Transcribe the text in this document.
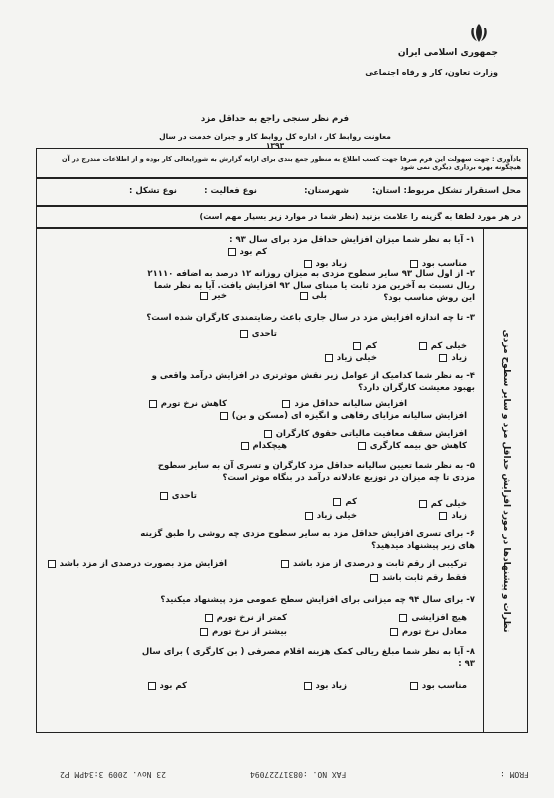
جمهوری اسلامی ایران
وزارت تعاون، کار و رفاه اجتماعی
فرم نظر سنجی راجع به حداقل مزد
معاونت روابط کار ، اداره کل روابط کار و جبران خدمت در سال ۱۳۹۳
یادآوری : جهت سهولت این فرم صرفا جهت کسب اطلاع به منظور جمع بندی برای ارایه گزارش به شورایعالی کار بوده و از اطلاعات مندرج در آن هیچگونه بهره برداری دیگری نمی شود
محل استقرار تشکل مربوط: استان:
شهرستان:
نوع فعالیت :
نوع تشکل :
در هر مورد لطفا به گزینه را علامت بزنید (نظر شما در موارد زیر بسیار مهم است)
نظرات و پیشنهادها در مورد افزایش حداقل مزد و سایر سطوح مزدی
۱- آیا به نظر شما میزان افزایش حداقل مزد برای سال ۹۳ :
کم بود
مناسب بود
زیاد بود
۲- از اول سال ۹۳ سایر سطوح مزدی به میزان روزانه ۱۲ درصد به اضافه ۲۱۱۱۰
ریال نسبت به آخرین مزد ثابت یا مبنای سال ۹۲ افزایش یافت. آیا به نظر شما
این روش مناسب بود؟
بلی
خیر
۳- تا چه اندازه افزایش مزد در سال جاری باعث رضایتمندی کارگران شده است؟
تاحدی
خیلی کم
کم
زیاد
خیلی زیاد
۴- به نظر شما کدامیک از عوامل زیر نقش موثرتری در افزایش درآمد واقعی و
بهبود معیشت کارگران دارد؟
افزایش سالیانه حداقل مزد
کاهش نرخ تورم
افزایش سالیانه مزایای رفاهی و انگیزه ای (مسکن و بن)
افزایش سقف معافیت مالیاتی حقوق کارگران
هیچکدام	کاهش حق بیمه کارگری
۵- به نظر شما تعیین سالیانه حداقل مزد کارگران و تسری آن به سایر سطوح
مزدی تا چه میزان در توزیع عادلانه درآمد در بنگاه موثر است؟
تاحدی
خیلی کم
کم
زیاد
خیلی زیاد
۶- برای تسری افزایش حداقل مزد به سایر سطوح مزدی چه روشی را طبق گزینه
های زیر پیشنهاد میدهید؟
افزایش مزد بصورت درصدی از مزد باشد	ترکیبی از رقم ثابت و درصدی از مزد باشد
فقط رقم ثابت باشد
۷- برای سال ۹۴ چه میزانی برای افزایش سطح عمومی مزد پیشنهاد میکنید؟
هیچ افزایشی
کمتر از نرخ تورم
معادل نرخ تورم
بیشتر از نرخ تورم
۸- آیا به نظر شما مبلغ ریالی کمک هزینه اقلام مصرفی ( بن کارگری ) برای سال
۹۳ :
مناسب بود
زیاد بود
کم بود
FROM :
FAX NO. :08317227094
23 Nov. 2009 3:34PM P2
